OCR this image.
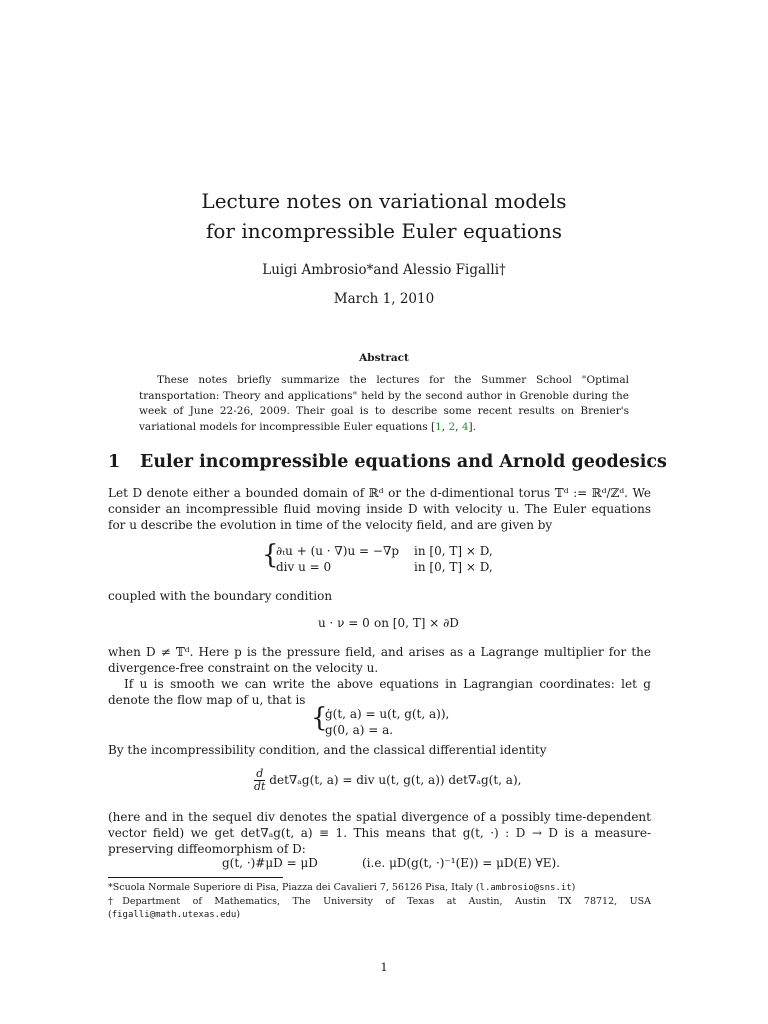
Lecture notes on variational models
for incompressible Euler equations
Luigi Ambrosio*and Alessio Figalli†
March 1, 2010
Abstract
These notes briefly summarize the lectures for the Summer School "Optimal transportation: Theory and applications" held by the second author in Grenoble during the week of June 22-26, 2009. Their goal is to describe some recent results on Brenier's variational models for incompressible Euler equations [1, 2, 4].
1 Euler incompressible equations and Arnold geodesics
Let D denote either a bounded domain of ℝᵈ or the d-dimentional torus 𝕋ᵈ := ℝᵈ/ℤᵈ. We consider an incompressible fluid moving inside D with velocity u. The Euler equations for u describe the evolution in time of the velocity field, and are given by
{
∂ₜu + (u · ∇)u = −∇p in [0, T] × D,
div u = 0	in [0, T] × D,
coupled with the boundary condition
u · ν = 0 on [0, T] × ∂D
when D ≠ 𝕋ᵈ. Here p is the pressure field, and arises as a Lagrange multiplier for the divergence-free constraint on the velocity u.
If u is smooth we can write the above equations in Lagrangian coordinates: let g denote the flow map of u, that is
{
ġ(t, a) = u(t, g(t, a)),
g(0, a) = a.
By the incompressibility condition, and the classical differential identity
$\frac{d}{dt} \det\nabla_ag(t$, a) = div u(t, g(t, a)) det∇ₐg(t, a),
(here and in the sequel div denotes the spatial divergence of a possibly time-dependent vector field) we get det∇ₐg(t, a) ≡ 1. This means that g(t, ·) : D → D is a measure-preserving diffeomorphism of D:
g(t, ·)#μD = μD	(i.e. μD(g(t, ·)⁻¹(E)) = μD(E) ∀E).
*Scuola Normale Superiore di Pisa, Piazza dei Cavalieri 7, 56126 Pisa, Italy (l.ambrosio@sns.it)
†Department of Mathematics, The University of Texas at Austin, Austin TX 78712, USA (figalli@math.utexas.edu)
1
